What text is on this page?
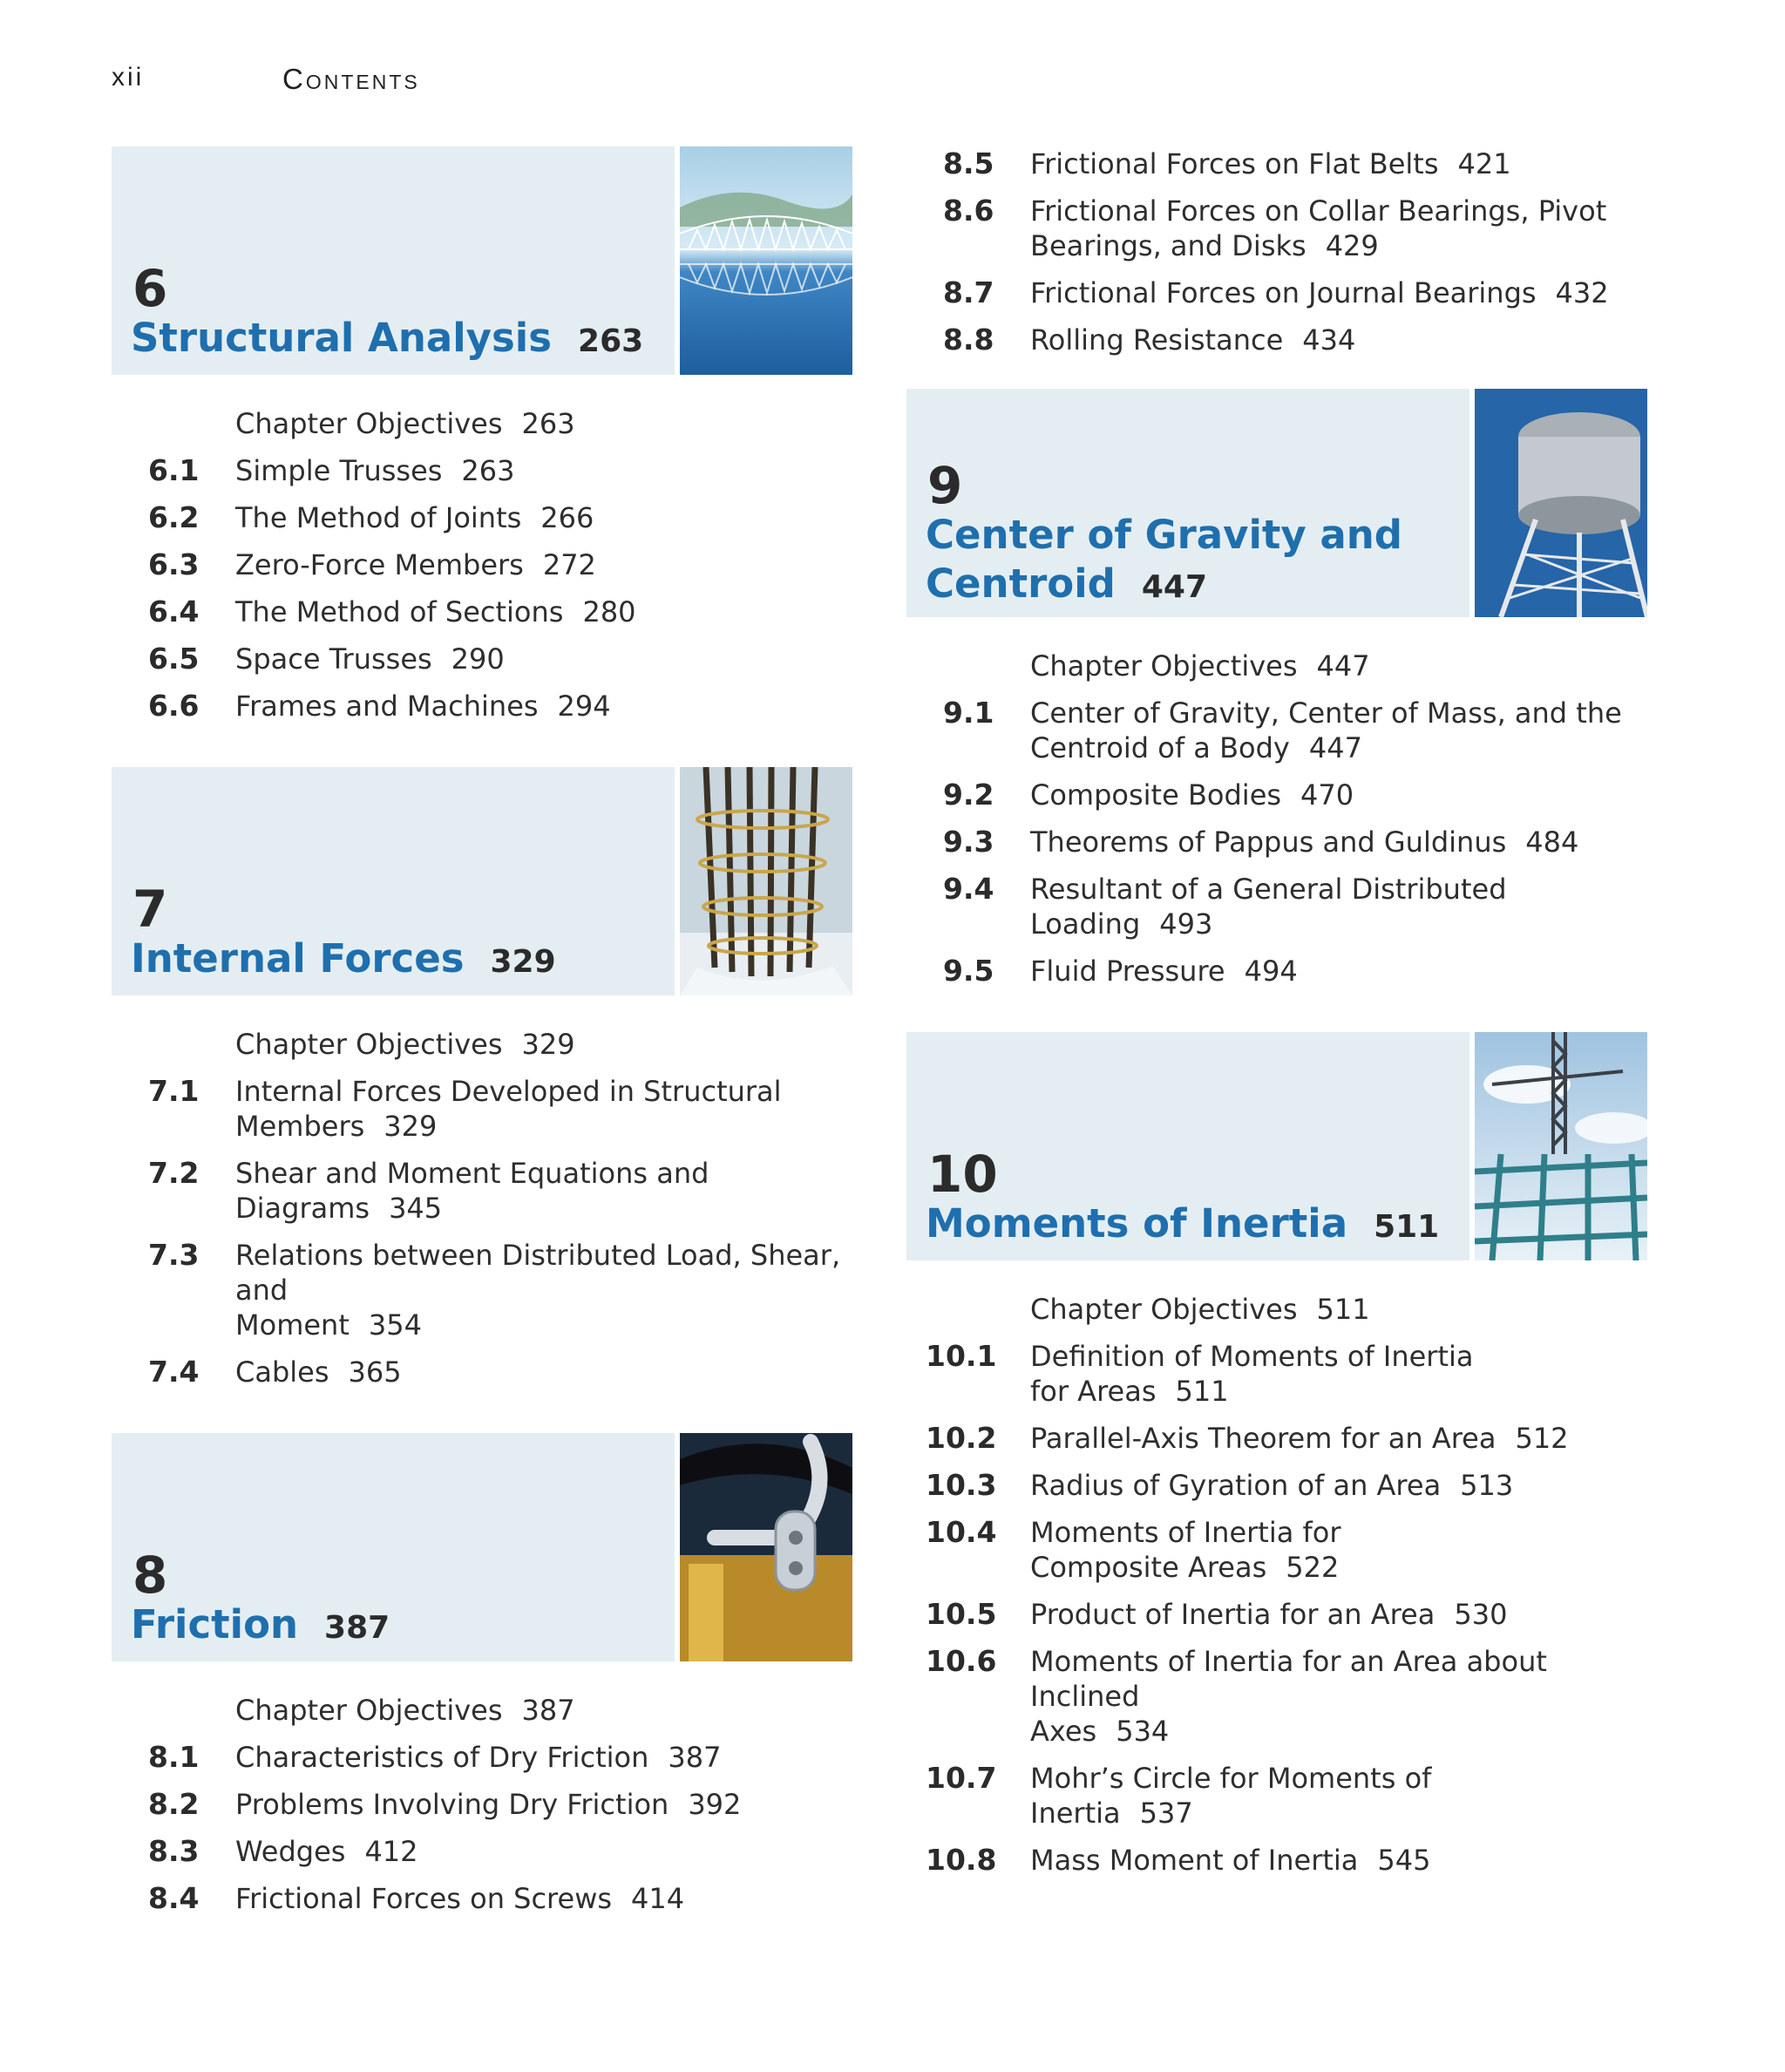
xii	Contents
6
Structural Analysis 263
Chapter Objectives 263
6.1 Simple Trusses 263
6.2 The Method of Joints 266
6.3 Zero-Force Members 272
6.4 The Method of Sections 280
6.5 Space Trusses 290
6.6 Frames and Machines 294
7
Internal Forces 329
Chapter Objectives 329
7.1 Internal Forces Developed in Structural
Members 329
7.2 Shear and Moment Equations and
Diagrams 345
7.3 Relations between Distributed Load, Shear, and
Moment 354
7.4 Cables 365
8
Friction 387
Chapter Objectives 387
8.1 Characteristics of Dry Friction 387
8.2 Problems Involving Dry Friction 392
8.3 Wedges 412
8.4 Frictional Forces on Screws 414
8.5 Frictional Forces on Flat Belts 421
8.6 Frictional Forces on Collar Bearings, Pivot
Bearings, and Disks 429
8.7 Frictional Forces on Journal Bearings 432
8.8 Rolling Resistance 434
9
Center of Gravity and
Centroid 447
Chapter Objectives 447
9.1 Center of Gravity, Center of Mass, and the
Centroid of a Body 447
9.2 Composite Bodies 470
9.3 Theorems of Pappus and Guldinus 484
9.4 Resultant of a General Distributed
Loading 493
9.5 Fluid Pressure 494
10
Moments of Inertia 511
Chapter Objectives 511
10.1 Definition of Moments of Inertia
for Areas 511
10.2 Parallel-Axis Theorem for an Area 512
10.3 Radius of Gyration of an Area 513
10.4 Moments of Inertia for
Composite Areas 522
10.5 Product of Inertia for an Area 530
10.6 Moments of Inertia for an Area about Inclined
Axes 534
10.7 Mohr’s Circle for Moments of
Inertia 537
10.8 Mass Moment of Inertia 545
